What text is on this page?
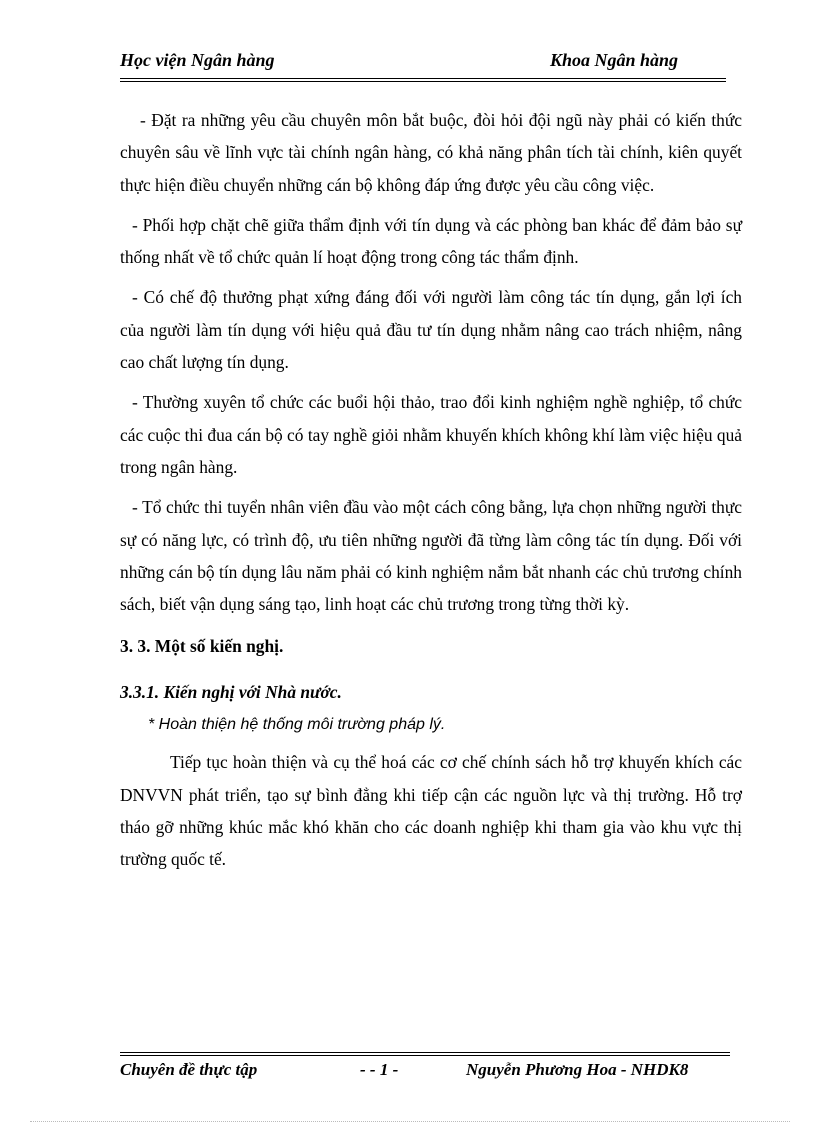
Học viện Ngân hàng	Khoa Ngân hàng

- Đặt ra những yêu cầu chuyên môn bắt buộc, đòi hỏi đội ngũ này phải có kiến thức chuyên sâu về lĩnh vực tài chính ngân hàng, có khả năng phân tích tài chính, kiên quyết thực hiện điều chuyển những cán bộ không đáp ứng được yêu cầu công việc.

- Phối hợp chặt chẽ giữa thẩm định với tín dụng và các phòng ban khác để đảm bảo sự thống nhất về tổ chức quản lí hoạt động trong công tác thẩm định.

- Có chế độ thưởng phạt xứng đáng đối với người làm công tác tín dụng, gắn lợi ích của người làm tín dụng với hiệu quả đầu tư tín dụng nhằm nâng cao trách nhiệm, nâng cao chất lượng tín dụng.

- Thường xuyên tổ chức các buổi hội thảo, trao đổi kinh nghiệm nghề nghiệp, tổ chức các cuộc thi đua cán bộ có tay nghề giỏi nhằm khuyến khích không khí làm việc hiệu quả trong ngân hàng.

- Tổ chức thi tuyển nhân viên đầu vào một cách công bằng, lựa chọn những người thực sự có năng lực, có trình độ, ưu tiên những người đã từng làm công tác tín dụng. Đối với những cán bộ tín dụng lâu năm phải có kinh nghiệm nắm bắt nhanh các chủ trương chính sách, biết vận dụng sáng tạo, linh hoạt các chủ trương trong từng thời kỳ.

3. 3. Một số kiến nghị.
3.3.1. Kiến nghị với Nhà nước.
* Hoàn thiện hệ thống môi trường pháp lý.

Tiếp tục hoàn thiện và cụ thể hoá các cơ chế chính sách hỗ trợ khuyến khích các DNVVN phát triển, tạo sự bình đẳng khi tiếp cận các nguồn lực và thị trường. Hỗ trợ tháo gỡ những khúc mắc khó khăn cho các doanh nghiệp khi tham gia vào khu vực thị trường quốc tế.

Chuyên đề thực tập	- - 1 -	Nguyễn Phương Hoa - NHDK8
